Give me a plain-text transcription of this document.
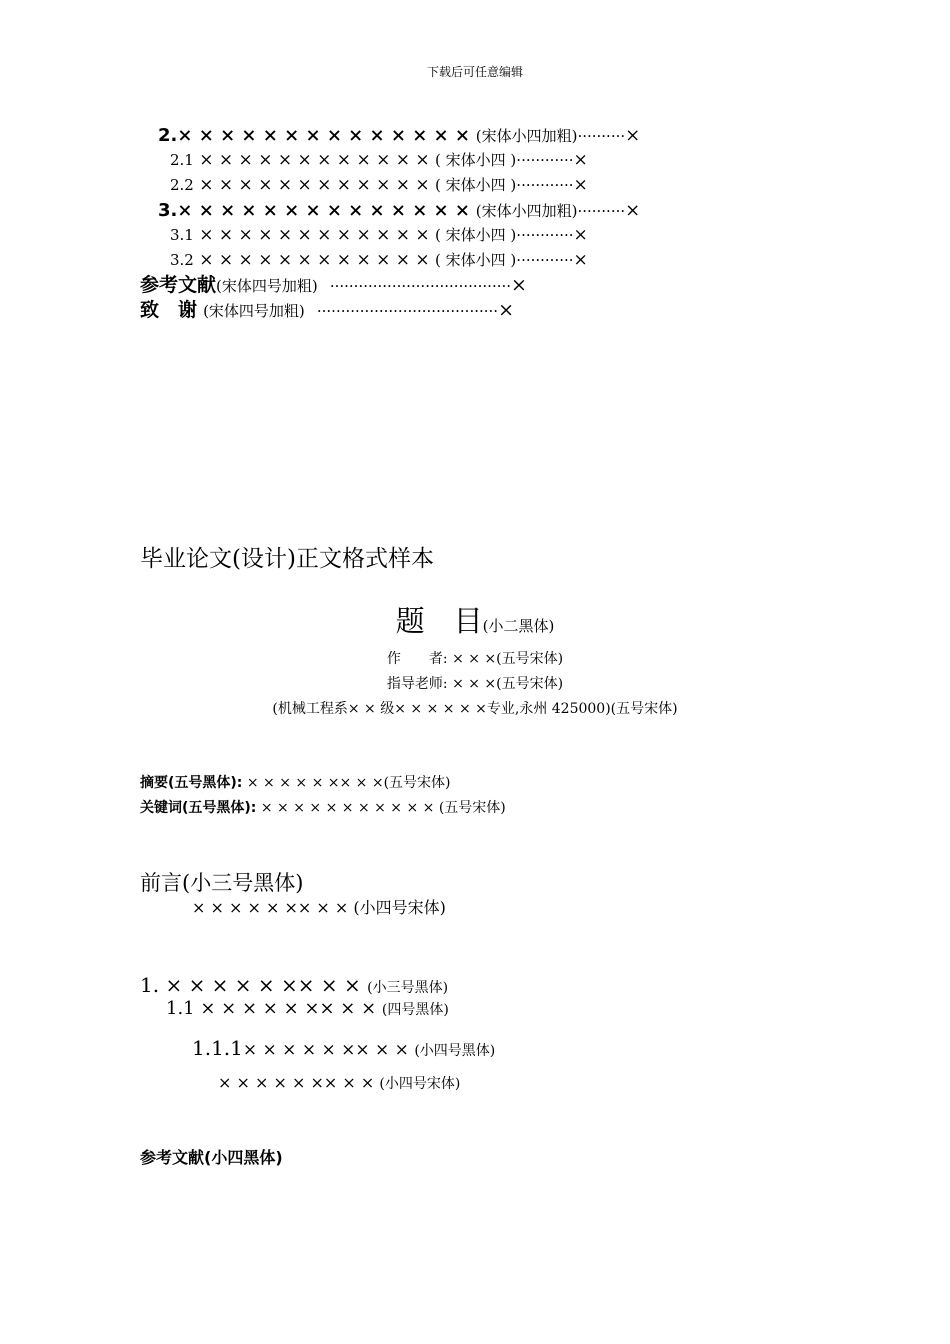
下载后可任意编辑
2.× × × × × × × × × × × × × × (宋体小四加粗)··········×
2.1 × × × × × × × × × × × × ( 宋体小四 )············×
2.2 × × × × × × × × × × × × ( 宋体小四 )············×
3.× × × × × × × × × × × × × × (宋体小四加粗)··········×
3.1 × × × × × × × × × × × × ( 宋体小四 )············×
3.2 × × × × × × × × × × × × ( 宋体小四 )············×
参考文献(宋体四号加粗) ······································×
致　谢 (宋体四号加粗) ······································×
毕业论文(设计)正文格式样本
题　目(小二黑体)
作　　者: × × ×(五号宋体)
指导老师: × × ×(五号宋体)
(机械工程系× × 级× × × × × ×专业,永州 425000)(五号宋体)
摘要(五号黑体): × × × × × ×× × ×(五号宋体)
关键词(五号黑体): × × × × × × × × × × × (五号宋体)
前言(小三号黑体)
× × × × × ×× × × (小四号宋体)
1. × × × × × ×× × × (小三号黑体)
1.1 × × × × × ×× × × (四号黑体)
1.1.1× × × × × ×× × × (小四号黑体)
× × × × × ×× × × (小四号宋体)
参考文献(小四黑体)
